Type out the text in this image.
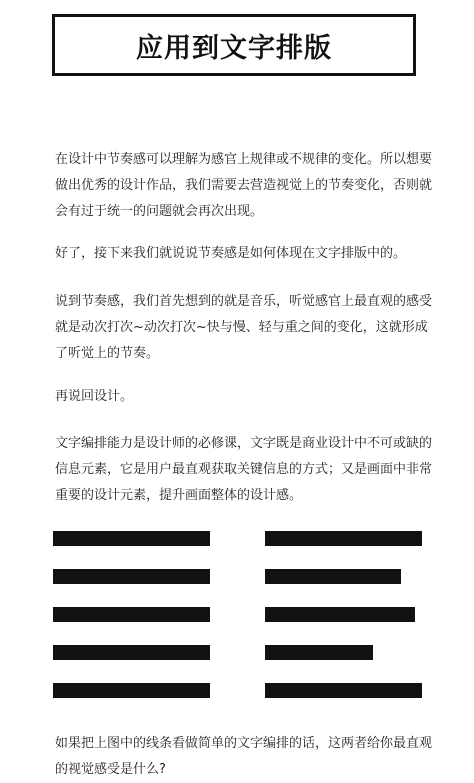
应用到文字排版

在设计中节奏感可以理解为感官上规律或不规律的变化。所以想要做出优秀的设计作品，我们需要去营造视觉上的节奏变化，否则就会有过于统一的问题就会再次出现。

好了，接下来我们就说说节奏感是如何体现在文字排版中的。

说到节奏感，我们首先想到的就是音乐，听觉感官上最直观的感受就是动次打次~动次打次~快与慢、轻与重之间的变化，这就形成了听觉上的节奏。

再说回设计。

文字编排能力是设计师的必修课，文字既是商业设计中不可或缺的信息元素，它是用户最直观获取关键信息的方式；又是画面中非常重要的设计元素，提升画面整体的设计感。

如果把上图中的线条看做简单的文字编排的话，这两者给你最直观的视觉感受是什么?
